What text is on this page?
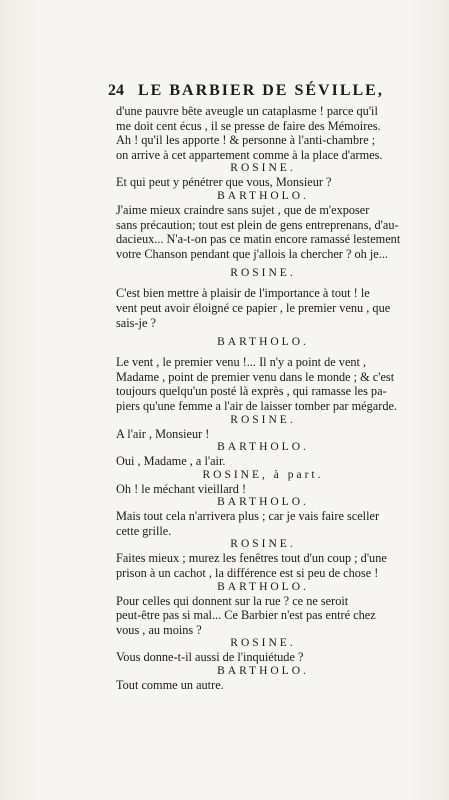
24 LE BARBIER DE SÉVILLE,
d'une pauvre bête aveugle un cataplasme ! parce qu'il
me doit cent écus , il se presse de faire des Mémoires.
Ah ! qu'il les apporte ! & personne à l'anti-chambre ;
on arrive à cet appartement comme à la place d'armes.
ROSINE.
Et qui peut y pénétrer que vous, Monsieur ?
BARTHOLO.
J'aime mieux craindre sans sujet , que de m'exposer
sans précaution; tout est plein de gens entreprenans, d'au-
dacieux... N'a-t-on pas ce matin encore ramassé lestement
votre Chanson pendant que j'allois la chercher ? oh je...
ROSINE.
C'est bien mettre à plaisir de l'importance à tout ! le
vent peut avoir éloigné ce papier , le premier venu , que
sais-je ?
BARTHOLO.
Le vent , le premier venu !... Il n'y a point de vent ,
Madame , point de premier venu dans le monde ; & c'est
toujours quelqu'un posté là exprès , qui ramasse les pa-
piers qu'une femme a l'air de laisser tomber par mégarde.
ROSINE.
A l'air , Monsieur !
BARTHOLO.
Oui , Madame , a l'air.
ROSINE, à part.
Oh ! le méchant vieillard !
BARTHOLO.
Mais tout cela n'arrivera plus ; car je vais faire sceller
cette grille.
ROSINE.
Faites mieux ; murez les fenêtres tout d'un coup ; d'une
prison à un cachot , la différence est si peu de chose !
BARTHOLO.
Pour celles qui donnent sur la rue ? ce ne seroit
peut-être pas si mal... Ce Barbier n'est pas entré chez
vous , au moins ?
ROSINE.
Vous donne-t-il aussi de l'inquiétude ?
BARTHOLO.
Tout comme un autre.
